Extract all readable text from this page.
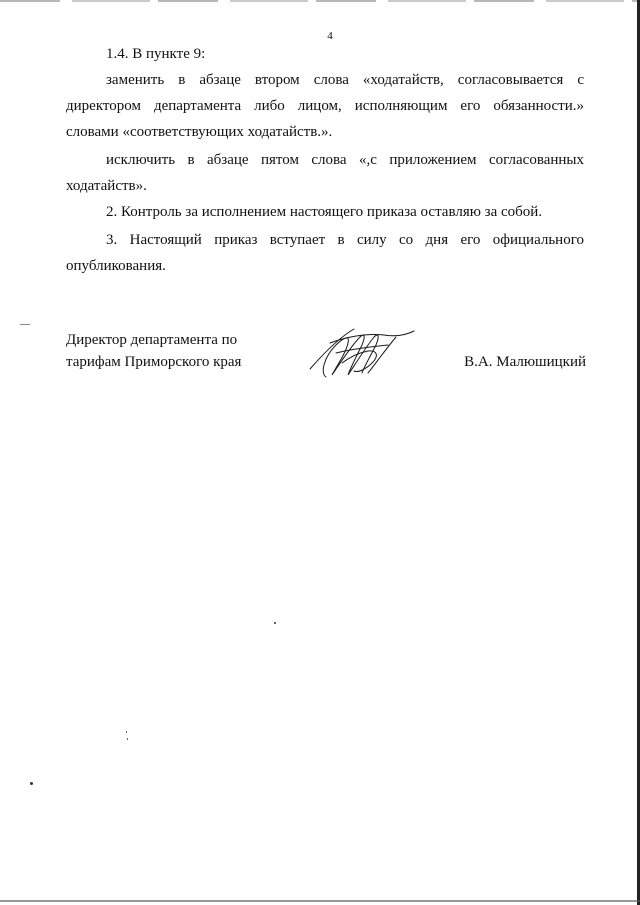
4
1.4. В пункте 9:
заменить в абзаце втором слова «ходатайств, согласовывается с директором департамента либо лицом, исполняющим его обязанности.» словами «соответствующих ходатайств.».
исключить в абзаце пятом слова «,с приложением согласованных ходатайств».
2. Контроль за исполнением настоящего приказа оставляю за собой.
3. Настоящий приказ вступает в силу со дня его официального опубликования.
Директор департамента по
тарифам Приморского края	В.А. Малюшицкий
